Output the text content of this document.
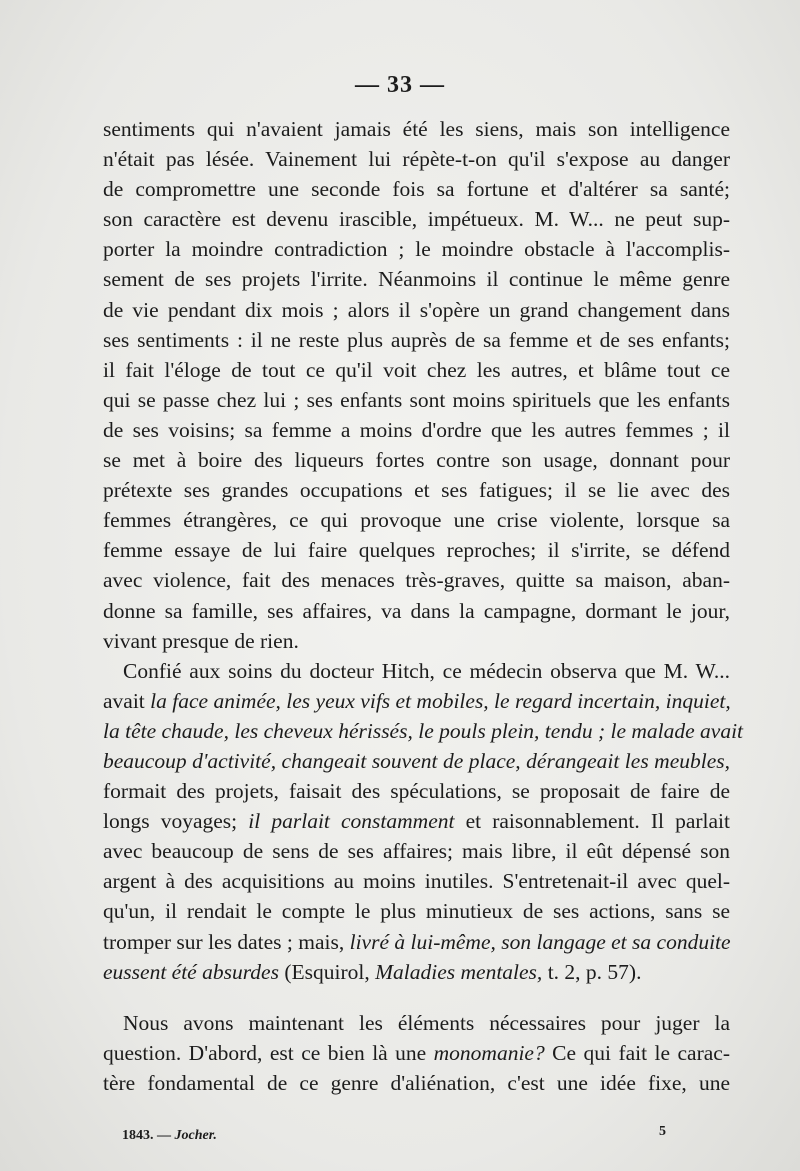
— 33 —
sentiments qui n'avaient jamais été les siens, mais son intelligence
n'était pas lésée. Vainement lui répète-t-on qu'il s'expose au danger
de compromettre une seconde fois sa fortune et d'altérer sa santé;
son caractère est devenu irascible, impétueux. M. W... ne peut sup-
porter la moindre contradiction ; le moindre obstacle à l'accomplis-
sement de ses projets l'irrite. Néanmoins il continue le même genre
de vie pendant dix mois ; alors il s'opère un grand changement dans
ses sentiments : il ne reste plus auprès de sa femme et de ses enfants;
il fait l'éloge de tout ce qu'il voit chez les autres, et blâme tout ce
qui se passe chez lui ; ses enfants sont moins spirituels que les enfants
de ses voisins; sa femme a moins d'ordre que les autres femmes ; il
se met à boire des liqueurs fortes contre son usage, donnant pour
prétexte ses grandes occupations et ses fatigues; il se lie avec des
femmes étrangères, ce qui provoque une crise violente, lorsque sa
femme essaye de lui faire quelques reproches; il s'irrite, se défend
avec violence, fait des menaces très-graves, quitte sa maison, aban-
donne sa famille, ses affaires, va dans la campagne, dormant le jour,
vivant presque de rien.
Confié aux soins du docteur Hitch, ce médecin observa que M. W...
avait la face animée, les yeux vifs et mobiles, le regard incertain, inquiet,
la tête chaude, les cheveux hérissés, le pouls plein, tendu ; le malade avait
beaucoup d'activité, changeait souvent de place, dérangeait les meubles,
formait des projets, faisait des spéculations, se proposait de faire de
longs voyages; il parlait constamment et raisonnablement. Il parlait
avec beaucoup de sens de ses affaires; mais libre, il eût dépensé son
argent à des acquisitions au moins inutiles. S'entretenait-il avec quel-
qu'un, il rendait le compte le plus minutieux de ses actions, sans se
tromper sur les dates ; mais, livré à lui-même, son langage et sa conduite
eussent été absurdes (Esquirol, Maladies mentales, t. 2, p. 57).
Nous avons maintenant les éléments nécessaires pour juger la
question. D'abord, est ce bien là une monomanie? Ce qui fait le carac-
tère fondamental de ce genre d'aliénation, c'est une idée fixe, une
1843. — Jocher.	5
